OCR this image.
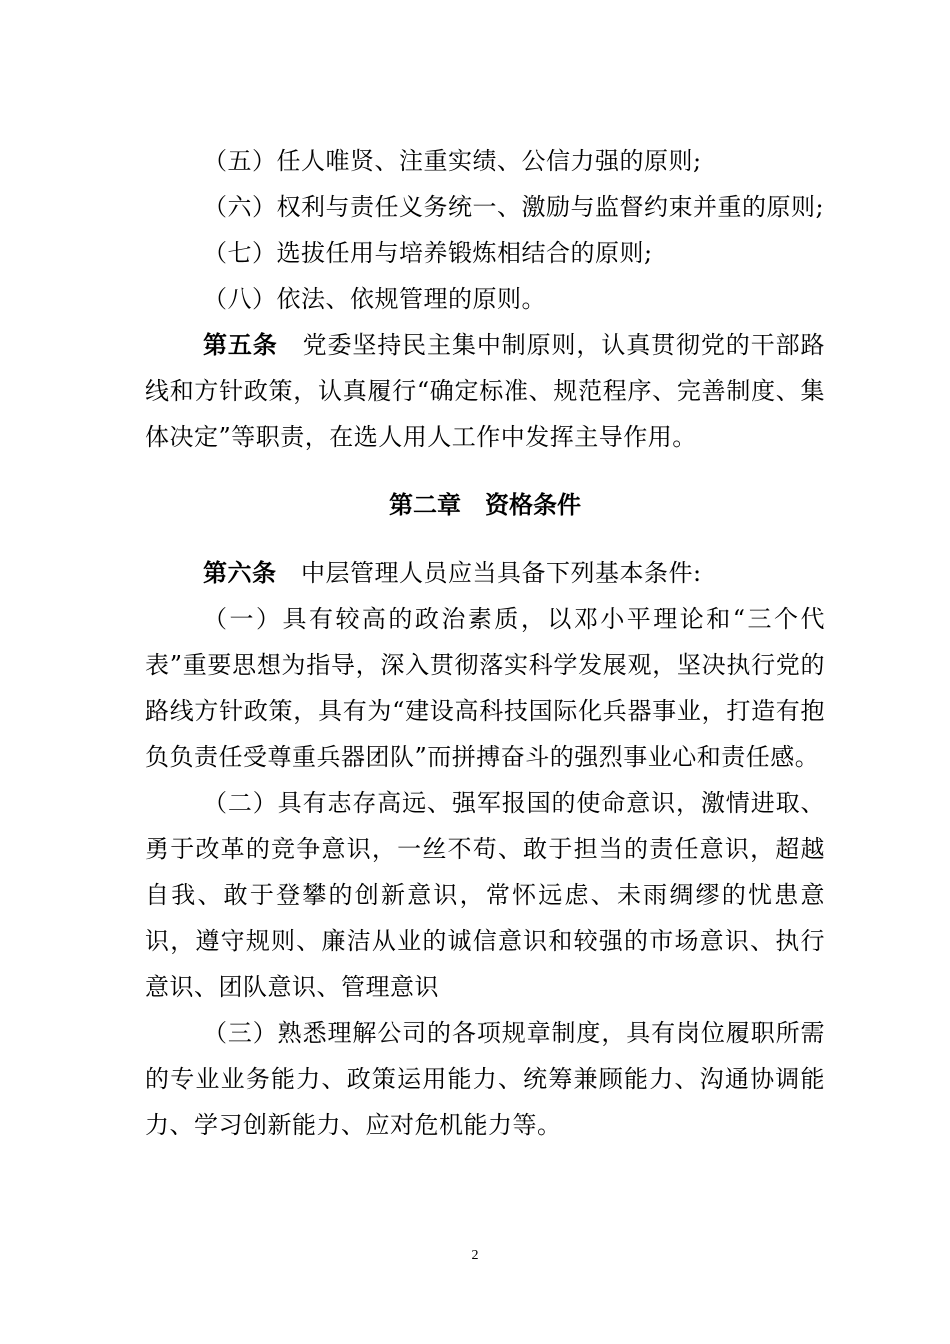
（五）任人唯贤、注重实绩、公信力强的原则;

（六）权利与责任义务统一、激励与监督约束并重的原则;

（七）选拔任用与培养锻炼相结合的原则;

（八）依法、依规管理的原则。

第五条　党委坚持民主集中制原则，认真贯彻党的干部路线和方针政策，认真履行“确定标准、规范程序、完善制度、集体决定”等职责，在选人用人工作中发挥主导作用。

第二章　资格条件

第六条　中层管理人员应当具备下列基本条件:

（一）具有较高的政治素质，以邓小平理论和“三个代表”重要思想为指导，深入贯彻落实科学发展观，坚决执行党的路线方针政策，具有为“建设高科技国际化兵器事业，打造有抱负负责任受尊重兵器团队”而拼搏奋斗的强烈事业心和责任感。

（二）具有志存高远、强军报国的使命意识，激情进取、勇于改革的竞争意识，一丝不苟、敢于担当的责任意识，超越自我、敢于登攀的创新意识，常怀远虑、未雨绸缪的忧患意识，遵守规则、廉洁从业的诚信意识和较强的市场意识、执行意识、团队意识、管理意识

（三）熟悉理解公司的各项规章制度，具有岗位履职所需的专业业务能力、政策运用能力、统筹兼顾能力、沟通协调能力、学习创新能力、应对危机能力等。

2
